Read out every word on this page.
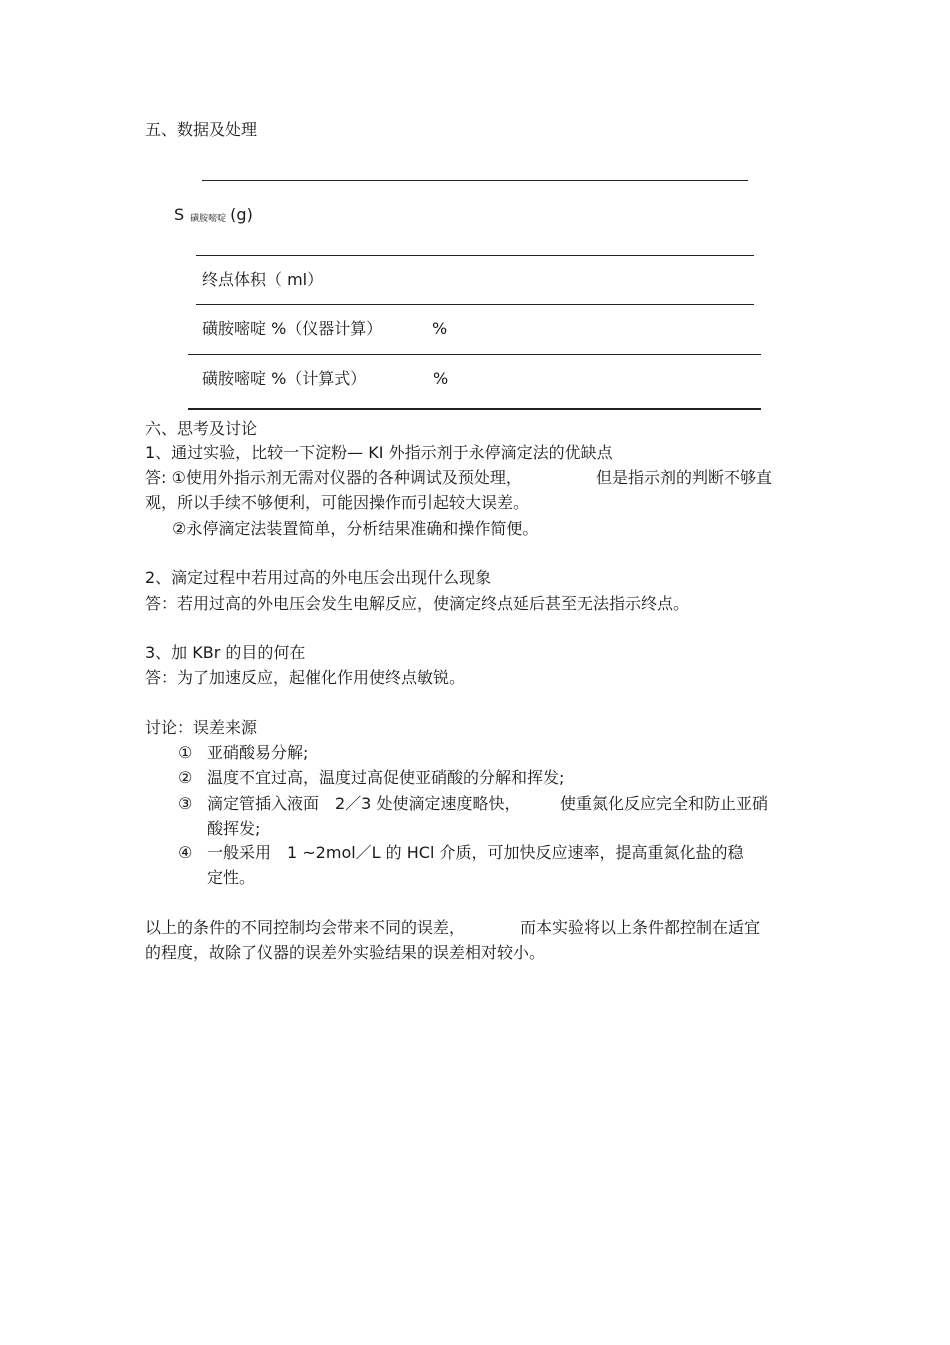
五、数据及处理
S磺胺嘧啶 (g)
终点体积（ ml）
磺胺嘧啶 %（仪器计算）	%
磺胺嘧啶 %（计算式）	%
六、思考及讨论
1、通过实验，比较一下淀粉— KI 外指示剂于永停滴定法的优缺点
答: ①使用外指示剂无需对仪器的各种调试及预处理，	但是指示剂的判断不够直
观，所以手续不够便利，可能因操作而引起较大误差。
②永停滴定法装置简单，分析结果准确和操作简便。
2、滴定过程中若用过高的外电压会出现什么现象
答：若用过高的外电压会发生电解反应，使滴定终点延后甚至无法指示终点。
3、加 KBr 的目的何在
答：为了加速反应，起催化作用使终点敏锐。
讨论：误差来源
① 亚硝酸易分解;
② 温度不宜过高，温度过高促使亚硝酸的分解和挥发;
③ 滴定管插入液面　2／3 处使滴定速度略快， 使重氮化反应完全和防止亚硝
酸挥发;
④ 一般采用　1 ~2mol／L 的 HCl 介质，可加快反应速率，提高重氮化盐的稳
定性。
以上的条件的不同控制均会带来不同的误差，	而本实验将以上条件都控制在适宜
的程度，故除了仪器的误差外实验结果的误差相对较小。
